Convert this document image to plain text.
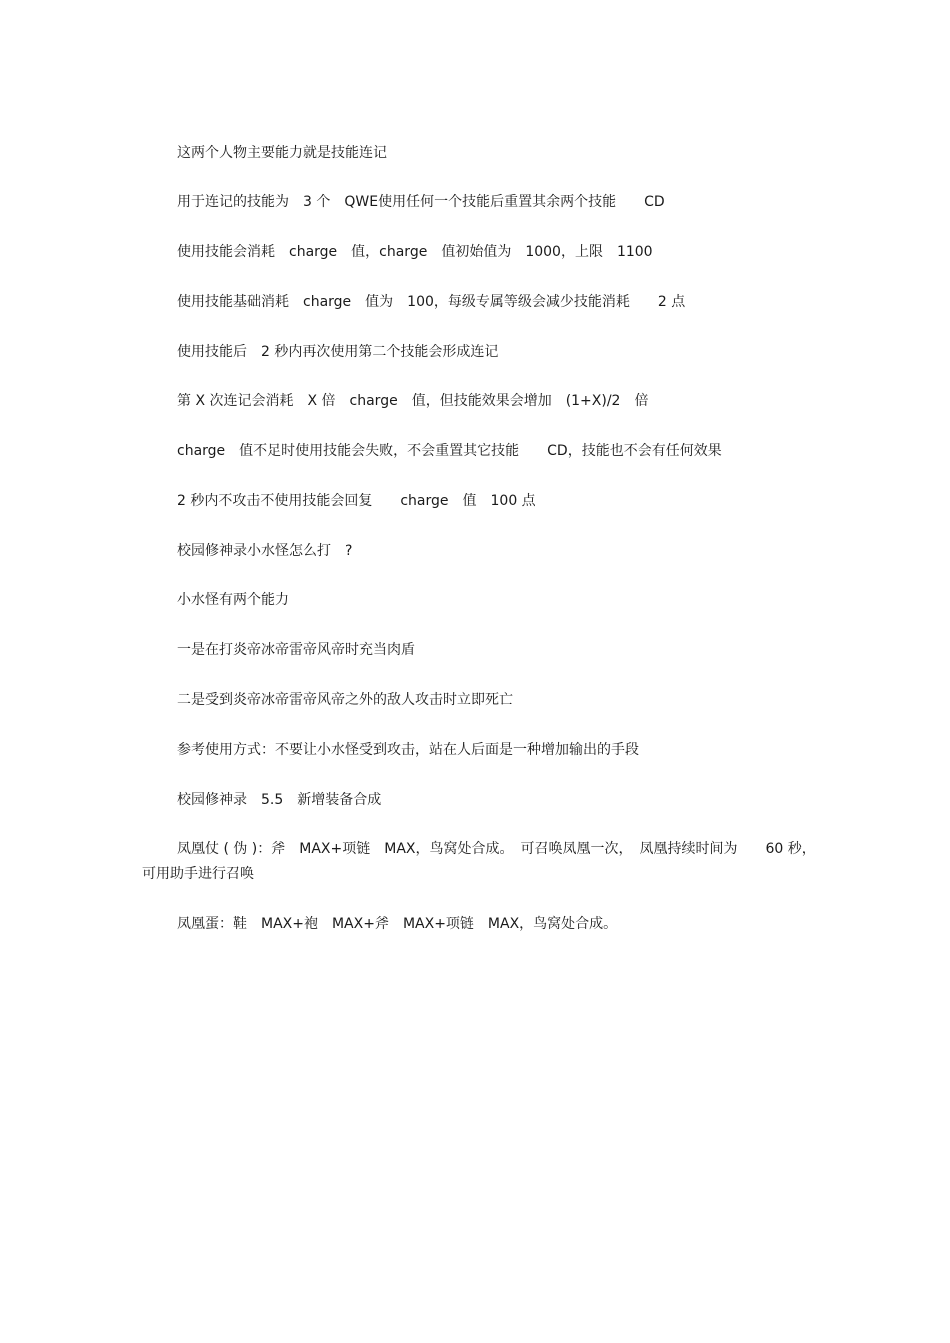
这两个人物主要能力就是技能连记

用于连记的技能为　3 个　QWE使用任何一个技能后重置其余两个技能　　CD

使用技能会消耗　charge　值，charge　值初始值为　1000，上限　1100

使用技能基础消耗　charge　值为　100，每级专属等级会减少技能消耗　　2 点

使用技能后　2 秒内再次使用第二个技能会形成连记

第 X 次连记会消耗　X 倍　charge　值，但技能效果会增加　(1+X)/2　倍

charge　值不足时使用技能会失败，不会重置其它技能　　CD，技能也不会有任何效果

2 秒内不攻击不使用技能会回复　　charge　值　100 点

校园修神录小水怪怎么打　?

小水怪有两个能力

一是在打炎帝冰帝雷帝风帝时充当肉盾

二是受到炎帝冰帝雷帝风帝之外的敌人攻击时立即死亡

参考使用方式：不要让小水怪受到攻击，站在人后面是一种增加输出的手段

校园修神录　5.5　新增装备合成

凤凰仗 ( 伪 )：斧　MAX+项链　MAX，鸟窝处合成。　可召唤凤凰一次，　凤凰持续时间为　　60 秒，可用助手进行召唤

凤凰蛋：鞋　MAX+袍　MAX+斧　MAX+项链　MAX，鸟窝处合成。
